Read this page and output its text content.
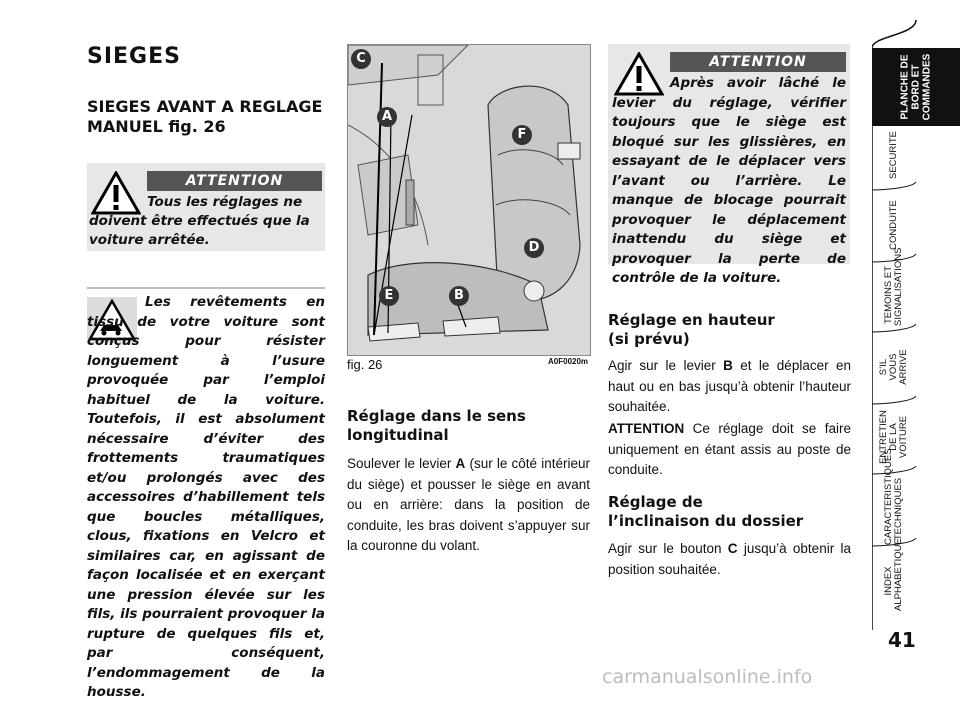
SIEGES
SIEGES AVANT A REGLAGE MANUEL fig. 26
ATTENTION
Tous les réglages ne doivent être effectués que la voiture arrêtée.
Les revêtements en tissu de votre voiture sont conçus pour résister longuement à l’usure provoquée par l’emploi habituel de la voiture. Toutefois, il est absolument nécessaire d’éviter des frottements traumatiques et/ou prolongés avec des accessoires d’habillement tels que boucles métalliques, clous, fixations en Velcro et similaires car, en agissant de façon localisée et en exerçant une pression élevée sur les fils, ils pourraient provoquer la rupture de quelques fils et, par conséquent, l’endommagement de la housse.
C
A
F
D
E	B
fig. 26	A0F0020m
Réglage dans le sens longitudinal
Soulever le levier A (sur le côté intérieur du siège) et pousser le siège en avant ou en arrière: dans la position de conduite, les bras doivent s’appuyer sur la couronne du volant.
ATTENTION
Après avoir lâché le levier du réglage, vérifier toujours que le siège est bloqué sur les glissières, en essayant de le déplacer vers l’avant ou l’arrière. Le manque de blocage pourrait provoquer le déplacement inattendu du siège et provoquer la perte de contrôle de la voiture.
Réglage en hauteur (si prévu)
Agir sur le levier B et le déplacer en haut ou en bas jusqu’à obtenir l’hauteur souhaitée.
ATTENTION Ce réglage doit se faire uniquement en étant assis au poste de conduite.
Réglage de l’inclinaison du dossier
Agir sur le bouton C jusqu’à obtenir la position souhaitée.
PLANCHE DE BORD ET COMMANDES
SECURITE
CONDUITE
TEMOINS ET SIGNALISATIONS
S’IL VOUS ARRIVE
ENTRETIEN DE LA VOITURE
CARACTERISTIQUES TECHNIQUES
INDEX ALPHABETIQUE
41
carmanualsonline.info
